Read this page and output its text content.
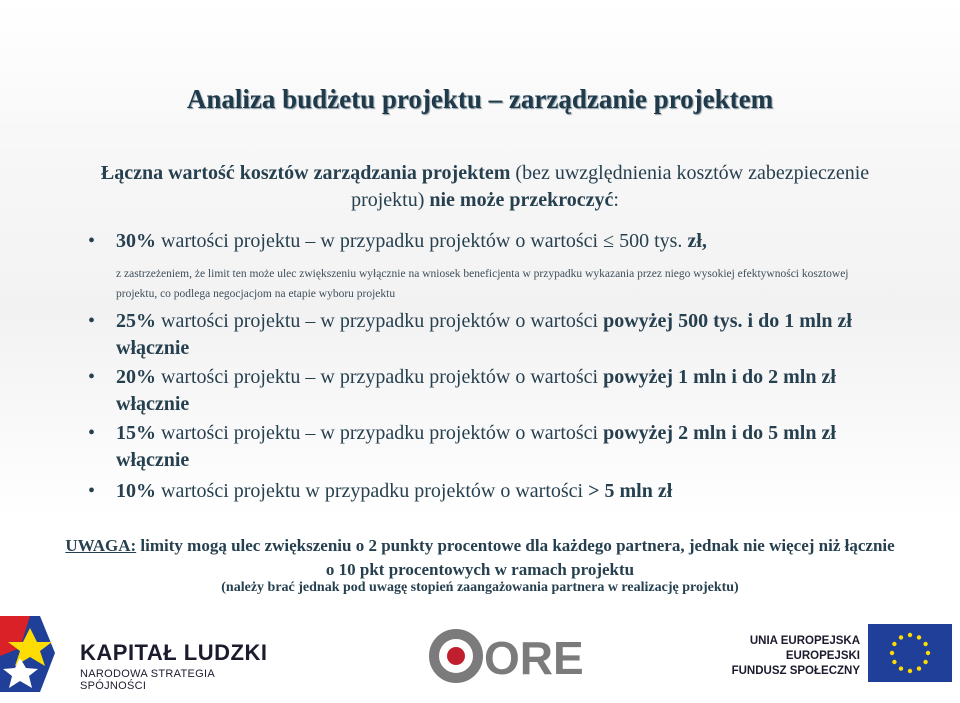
Analiza budżetu projektu – zarządzanie projektem
Łączna wartość kosztów zarządzania projektem (bez uwzględnienia kosztów zabezpieczenie projektu) nie może przekroczyć:
•	30% wartości projektu – w przypadku projektów o wartości ≤ 500 tys. zł,
z zastrzeżeniem, że limit ten może ulec zwiększeniu wyłącznie na wniosek beneficjenta w przypadku wykazania przez niego wysokiej efektywności kosztowej projektu, co podlega negocjacjom na etapie wyboru projektu
•	25% wartości projektu – w przypadku projektów o wartości powyżej 500 tys. i do 1 mln zł włącznie
•	20% wartości projektu – w przypadku projektów o wartości powyżej 1 mln i do 2 mln zł włącznie
•	15% wartości projektu – w przypadku projektów o wartości powyżej 2 mln i do 5 mln zł włącznie
•	10% wartości projektu w przypadku projektów o wartości > 5 mln zł
UWAGA: limity mogą ulec zwiększeniu o 2 punkty procentowe dla każdego partnera, jednak nie więcej niż łącznie o 10 pkt procentowych w ramach projektu
(należy brać jednak pod uwagę stopień zaangażowania partnera w realizację projektu)
KAPITAŁ LUDZKI
NARODOWA STRATEGIA SPÓJNOŚCI
ORE	UNIA EUROPEJSKA
EUROPEJSKI
FUNDUSZ SPOŁECZNY
